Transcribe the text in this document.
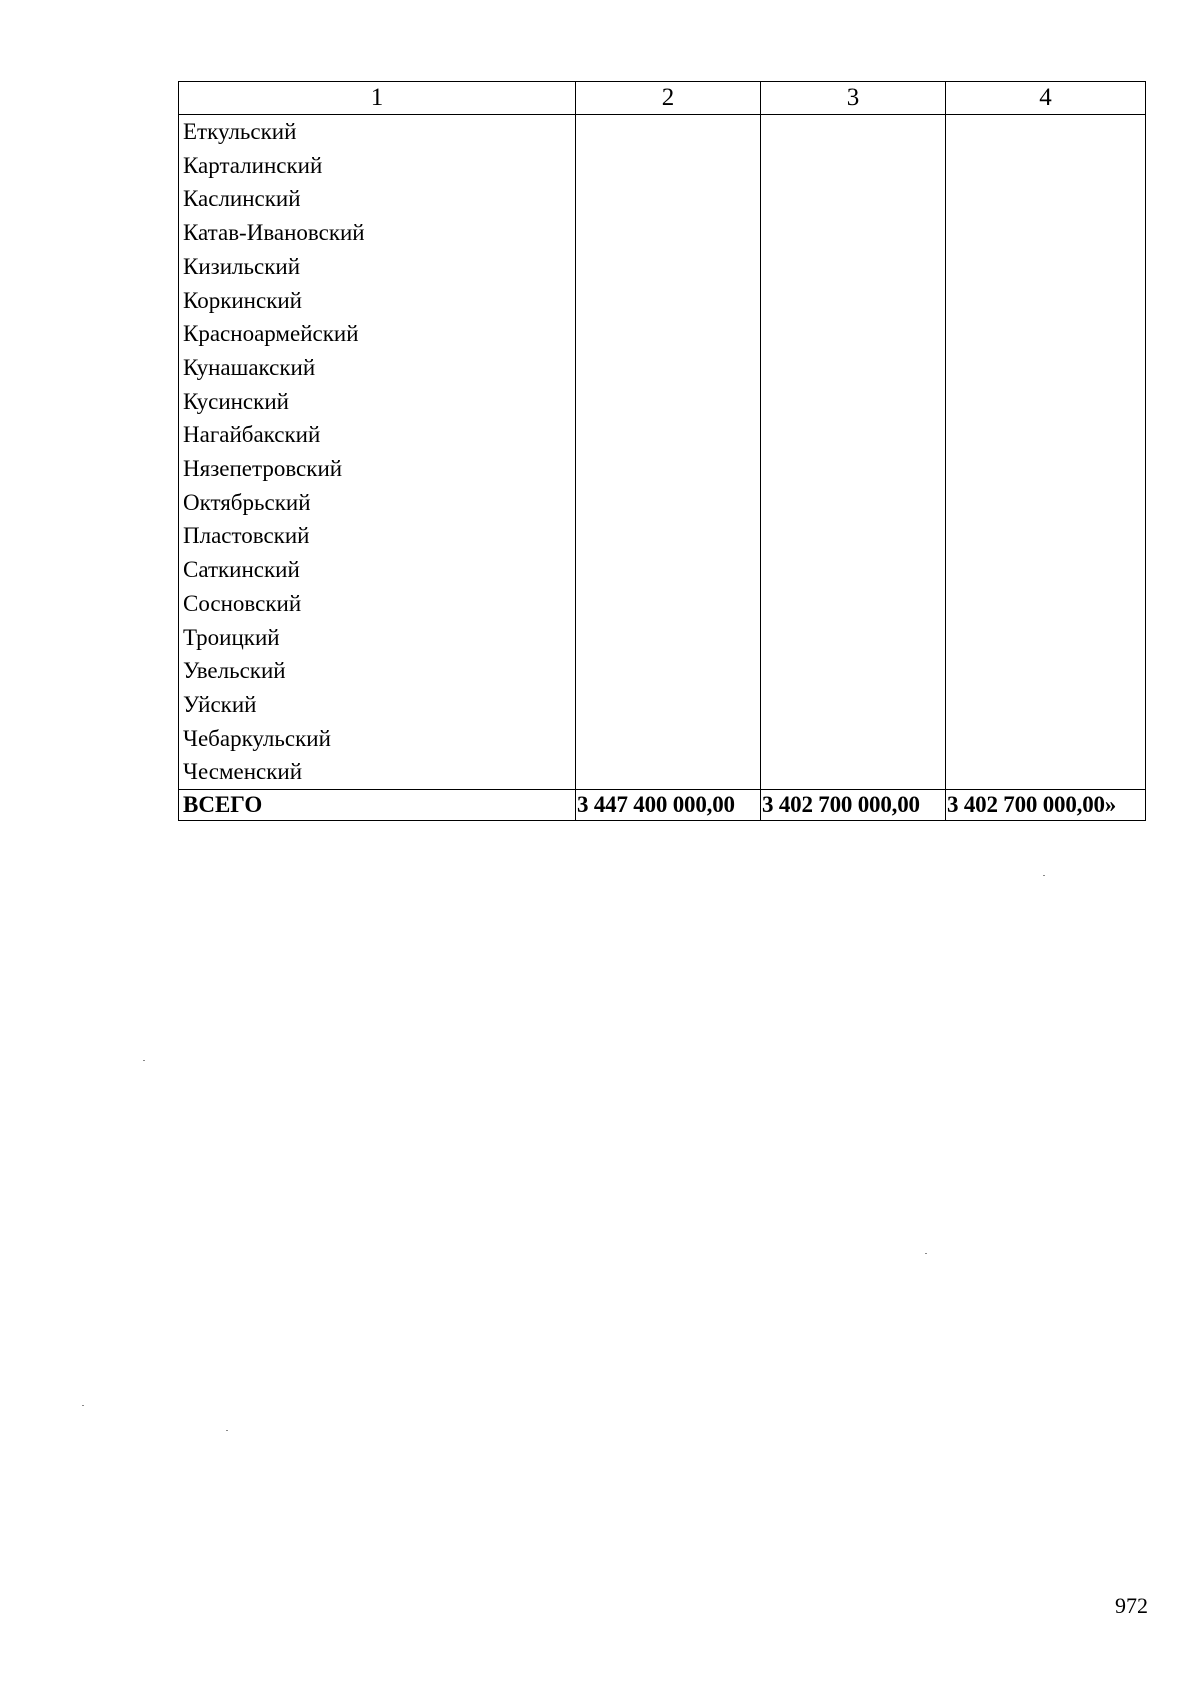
1	2	3	4
Еткульский			
Карталинский			
Каслинский			
Катав-Ивановский			
Кизильский			
Коркинский			
Красноармейский			
Кунашакский			
Кусинский			
Нагайбакский			
Нязепетровский			
Октябрьский			
Пластовский			
Саткинский			
Сосновский			
Троицкий			
Увельский			
Уйский			
Чебаркульский			
Чесменский			
ВСЕГО	3 447 400 000,00	3 402 700 000,00	3 402 700 000,00»
972
